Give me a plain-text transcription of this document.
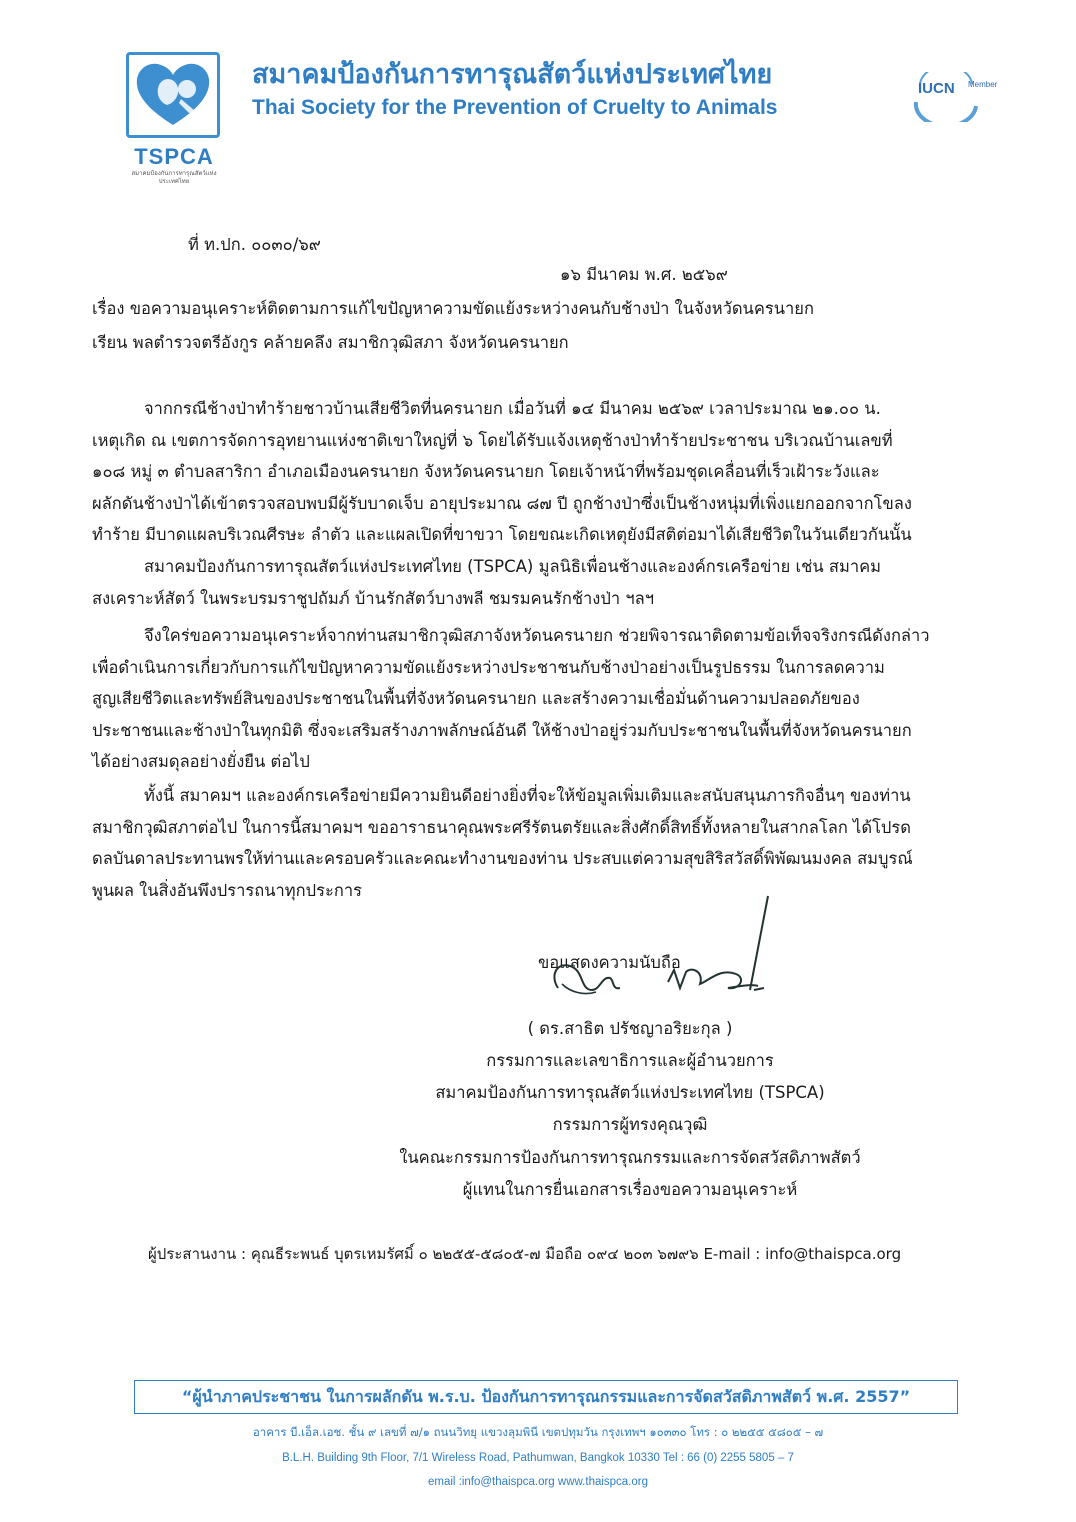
TSPCA
สมาคมป้องกันการทารุณสัตว์แห่งประเทศไทย
สมาคมป้องกันการทารุณสัตว์แห่งประเทศไทย
Thai Society for the Prevention of Cruelty to Animals
IUCN Member
ที่ ท.ปก. ๐๐๓๐/๖๙
๑๖ มีนาคม พ.ศ. ๒๕๖๙
เรื่อง ขอความอนุเคราะห์ติดตามการแก้ไขปัญหาความขัดแย้งระหว่างคนกับช้างป่า ในจังหวัดนครนายก
เรียน พลตำรวจตรีอังกูร คล้ายคลึง สมาชิกวุฒิสภา จังหวัดนครนายก
จากกรณีช้างป่าทำร้ายชาวบ้านเสียชีวิตที่นครนายก เมื่อวันที่ ๑๔ มีนาคม ๒๕๖๙ เวลาประมาณ ๒๑.๐๐ น.
เหตุเกิด ณ เขตการจัดการอุทยานแห่งชาติเขาใหญ่ที่ ๖ โดยได้รับแจ้งเหตุช้างป่าทำร้ายประชาชน บริเวณบ้านเลขที่
๑๐๘ หมู่ ๓ ตำบลสาริกา อำเภอเมืองนครนายก จังหวัดนครนายก โดยเจ้าหน้าที่พร้อมชุดเคลื่อนที่เร็วเฝ้าระวังและ
ผลักดันช้างป่าได้เข้าตรวจสอบพบมีผู้รับบาดเจ็บ อายุประมาณ ๘๗ ปี ถูกช้างป่าซึ่งเป็นช้างหนุ่มที่เพิ่งแยกออกจากโขลง
ทำร้าย มีบาดแผลบริเวณศีรษะ ลำตัว และแผลเปิดที่ขาขวา โดยขณะเกิดเหตุยังมีสติต่อมาได้เสียชีวิตในวันเดียวกันนั้น
สมาคมป้องกันการทารุณสัตว์แห่งประเทศไทย (TSPCA) มูลนิธิเพื่อนช้างและองค์กรเครือข่าย เช่น สมาคม
สงเคราะห์สัตว์ ในพระบรมราชูปถัมภ์ บ้านรักสัตว์บางพลี ชมรมคนรักช้างป่า ฯลฯ
จึงใคร่ขอความอนุเคราะห์จากท่านสมาชิกวุฒิสภาจังหวัดนครนายก ช่วยพิจารณาติดตามข้อเท็จจริงกรณีดังกล่าว
เพื่อดำเนินการเกี่ยวกับการแก้ไขปัญหาความขัดแย้งระหว่างประชาชนกับช้างป่าอย่างเป็นรูปธรรม ในการลดความ
สูญเสียชีวิตและทรัพย์สินของประชาชนในพื้นที่จังหวัดนครนายก และสร้างความเชื่อมั่นด้านความปลอดภัยของ
ประชาชนและช้างป่าในทุกมิติ ซึ่งจะเสริมสร้างภาพลักษณ์อันดี ให้ช้างป่าอยู่ร่วมกับประชาชนในพื้นที่จังหวัดนครนายก
ได้อย่างสมดุลอย่างยั่งยืน ต่อไป
ทั้งนี้ สมาคมฯ และองค์กรเครือข่ายมีความยินดีอย่างยิ่งที่จะให้ข้อมูลเพิ่มเติมและสนับสนุนภารกิจอื่นๆ ของท่าน
สมาชิกวุฒิสภาต่อไป ในการนี้สมาคมฯ ขออาราธนาคุณพระศรีรัตนตรัยและสิ่งศักดิ์สิทธิ์ทั้งหลายในสากลโลก ได้โปรด
ดลบันดาลประทานพรให้ท่านและครอบครัวและคณะทำงานของท่าน ประสบแต่ความสุขสิริสวัสดิ์พิพัฒนมงคล สมบูรณ์
พูนผล ในสิ่งอันพึงปรารถนาทุกประการ
ขอแสดงความนับถือ
( ดร.สาธิต ปรัชญาอริยะกุล )
กรรมการและเลขาธิการและผู้อำนวยการ
สมาคมป้องกันการทารุณสัตว์แห่งประเทศไทย (TSPCA)
กรรมการผู้ทรงคุณวุฒิ
ในคณะกรรมการป้องกันการทารุณกรรมและการจัดสวัสดิภาพสัตว์
ผู้แทนในการยื่นเอกสารเรื่องขอความอนุเคราะห์
ผู้ประสานงาน : คุณธีระพนธ์ บุตรเหมรัศมิ์ ๐ ๒๒๕๕-๕๘๐๕-๗ มือถือ ๐๙๔ ๒๐๓ ๖๗๙๖ E-mail : info@thaispca.org
“ผู้นำภาคประชาชน ในการผลักดัน พ.ร.บ. ป้องกันการทารุณกรรมและการจัดสวัสดิภาพสัตว์ พ.ศ. 2557”
อาคาร บี.เอ็ล.เอช. ชั้น ๙ เลขที่ ๗/๑ ถนนวิทยุ แขวงลุมพินี เขตปทุมวัน กรุงเทพฯ ๑๐๓๓๐ โทร : ๐ ๒๒๕๕ ๕๘๐๕ – ๗
B.L.H. Building 9th Floor, 7/1 Wireless Road, Pathumwan, Bangkok 10330 Tel : 66 (0) 2255 5805 – 7
email :info@thaispca.org www.thaispca.org
